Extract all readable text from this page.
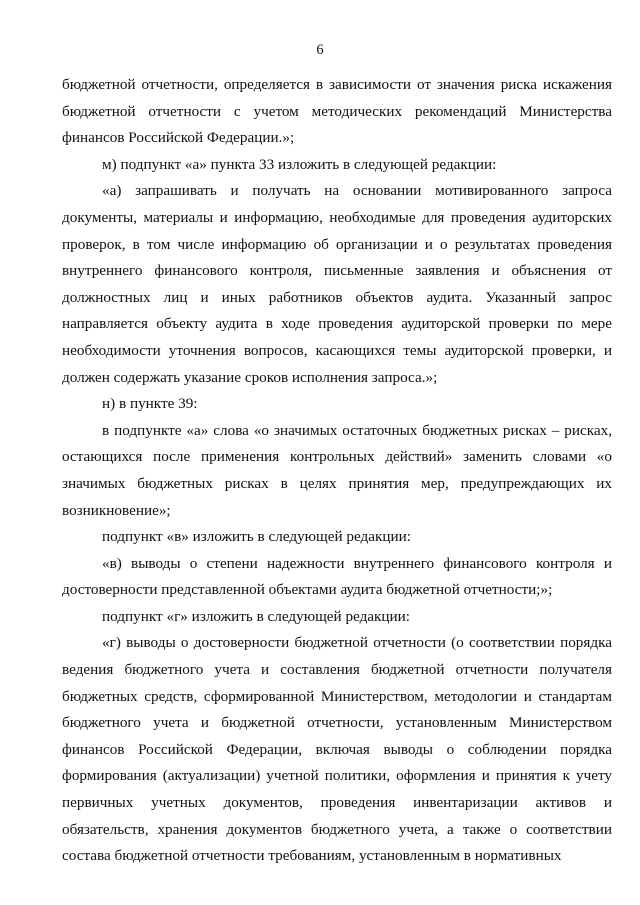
6

бюджетной отчетности, определяется в зависимости от значения риска искажения бюджетной отчетности с учетом методических рекомендаций Министерства финансов Российской Федерации.»;

м) подпункт «а» пункта 33 изложить в следующей редакции:

«а) запрашивать и получать на основании мотивированного запроса документы, материалы и информацию, необходимые для проведения аудиторских проверок, в том числе информацию об организации и о результатах проведения внутреннего финансового контроля, письменные заявления и объяснения от должностных лиц и иных работников объектов аудита. Указанный запрос направляется объекту аудита в ходе проведения аудиторской проверки по мере необходимости уточнения вопросов, касающихся темы аудиторской проверки, и должен содержать указание сроков исполнения запроса.»;

н) в пункте 39:

в подпункте «а» слова «о значимых остаточных бюджетных рисках – рисках, остающихся после применения контрольных действий» заменить словами «о значимых бюджетных рисках в целях принятия мер, предупреждающих их возникновение»;

подпункт «в» изложить в следующей редакции:

«в) выводы о степени надежности внутреннего финансового контроля и достоверности представленной объектами аудита бюджетной отчетности;»;

подпункт «г» изложить в следующей редакции:

«г) выводы о достоверности бюджетной отчетности (о соответствии порядка ведения бюджетного учета и составления бюджетной отчетности получателя бюджетных средств, сформированной Министерством, методологии и стандартам бюджетного учета и бюджетной отчетности, установленным Министерством финансов Российской Федерации, включая выводы о соблюдении порядка формирования (актуализации) учетной политики, оформления и принятия к учету первичных учетных документов, проведения инвентаризации активов и обязательств, хранения документов бюджетного учета, а также о соответствии состава бюджетной отчетности требованиям, установленным в нормативных
